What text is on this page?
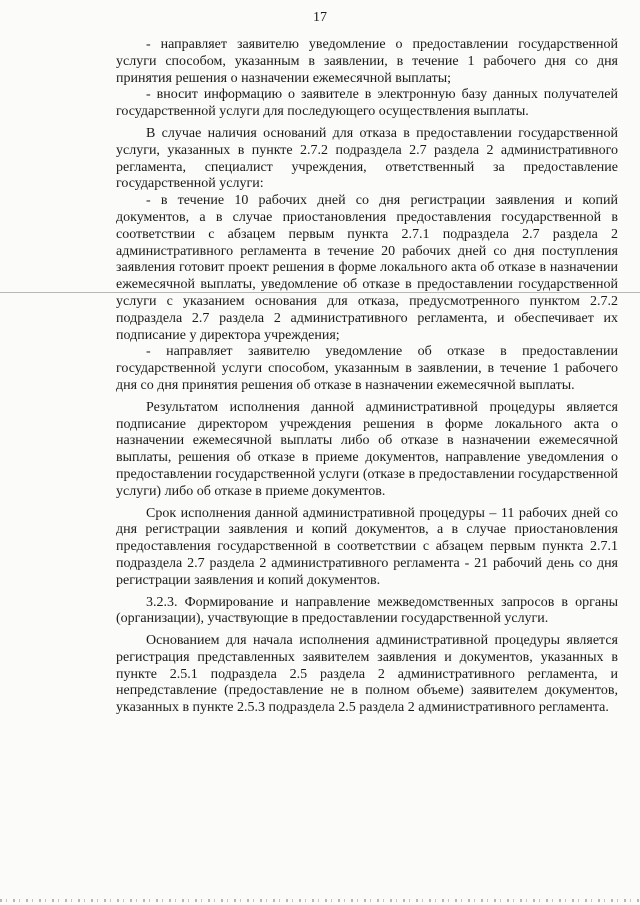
17

- направляет заявителю уведомление о предоставлении государственной услуги способом, указанным в заявлении, в течение 1 рабочего дня со дня принятия решения о назначении ежемесячной выплаты;

- вносит информацию о заявителе в электронную базу данных получателей государственной услуги для последующего осуществления выплаты.

В случае наличия оснований для отказа в предоставлении государственной услуги, указанных в пункте 2.7.2 подраздела 2.7 раздела 2 административного регламента, специалист учреждения, ответственный за предоставление государственной услуги:

- в течение 10 рабочих дней со дня регистрации заявления и копий документов, а в случае приостановления предоставления государственной в соответствии с абзацем первым пункта 2.7.1 подраздела 2.7 раздела 2 административного регламента в течение 20 рабочих дней со дня поступления заявления готовит проект решения в форме локального акта об отказе в назначении ежемесячной выплаты, уведомление об отказе в предоставлении государственной услуги с указанием основания для отказа, предусмотренного пунктом 2.7.2 подраздела 2.7 раздела 2 административного регламента, и обеспечивает их подписание у директора учреждения;

- направляет заявителю уведомление об отказе в предоставлении государственной услуги способом, указанным в заявлении, в течение 1 рабочего дня со дня принятия решения об отказе в назначении ежемесячной выплаты.

Результатом исполнения данной административной процедуры является подписание директором учреждения решения в форме локального акта о назначении ежемесячной выплаты либо об отказе в назначении ежемесячной выплаты, решения об отказе в приеме документов, направление уведомления о предоставлении государственной услуги (отказе в предоставлении государственной услуги) либо об отказе в приеме документов.

Срок исполнения данной административной процедуры – 11 рабочих дней со дня регистрации заявления и копий документов, а в случае приостановления предоставления государственной в соответствии с абзацем первым пункта 2.7.1 подраздела 2.7 раздела 2 административного регламента - 21 рабочий день со дня регистрации заявления и копий документов.

3.2.3. Формирование и направление межведомственных запросов в органы (организации), участвующие в предоставлении государственной услуги.

Основанием для начала исполнения административной процедуры является регистрация представленных заявителем заявления и документов, указанных в пункте 2.5.1 подраздела 2.5 раздела 2 административного регламента, и непредставление (предоставление не в полном объеме) заявителем документов, указанных в пункте 2.5.3 подраздела 2.5 раздела 2 административного регламента.
